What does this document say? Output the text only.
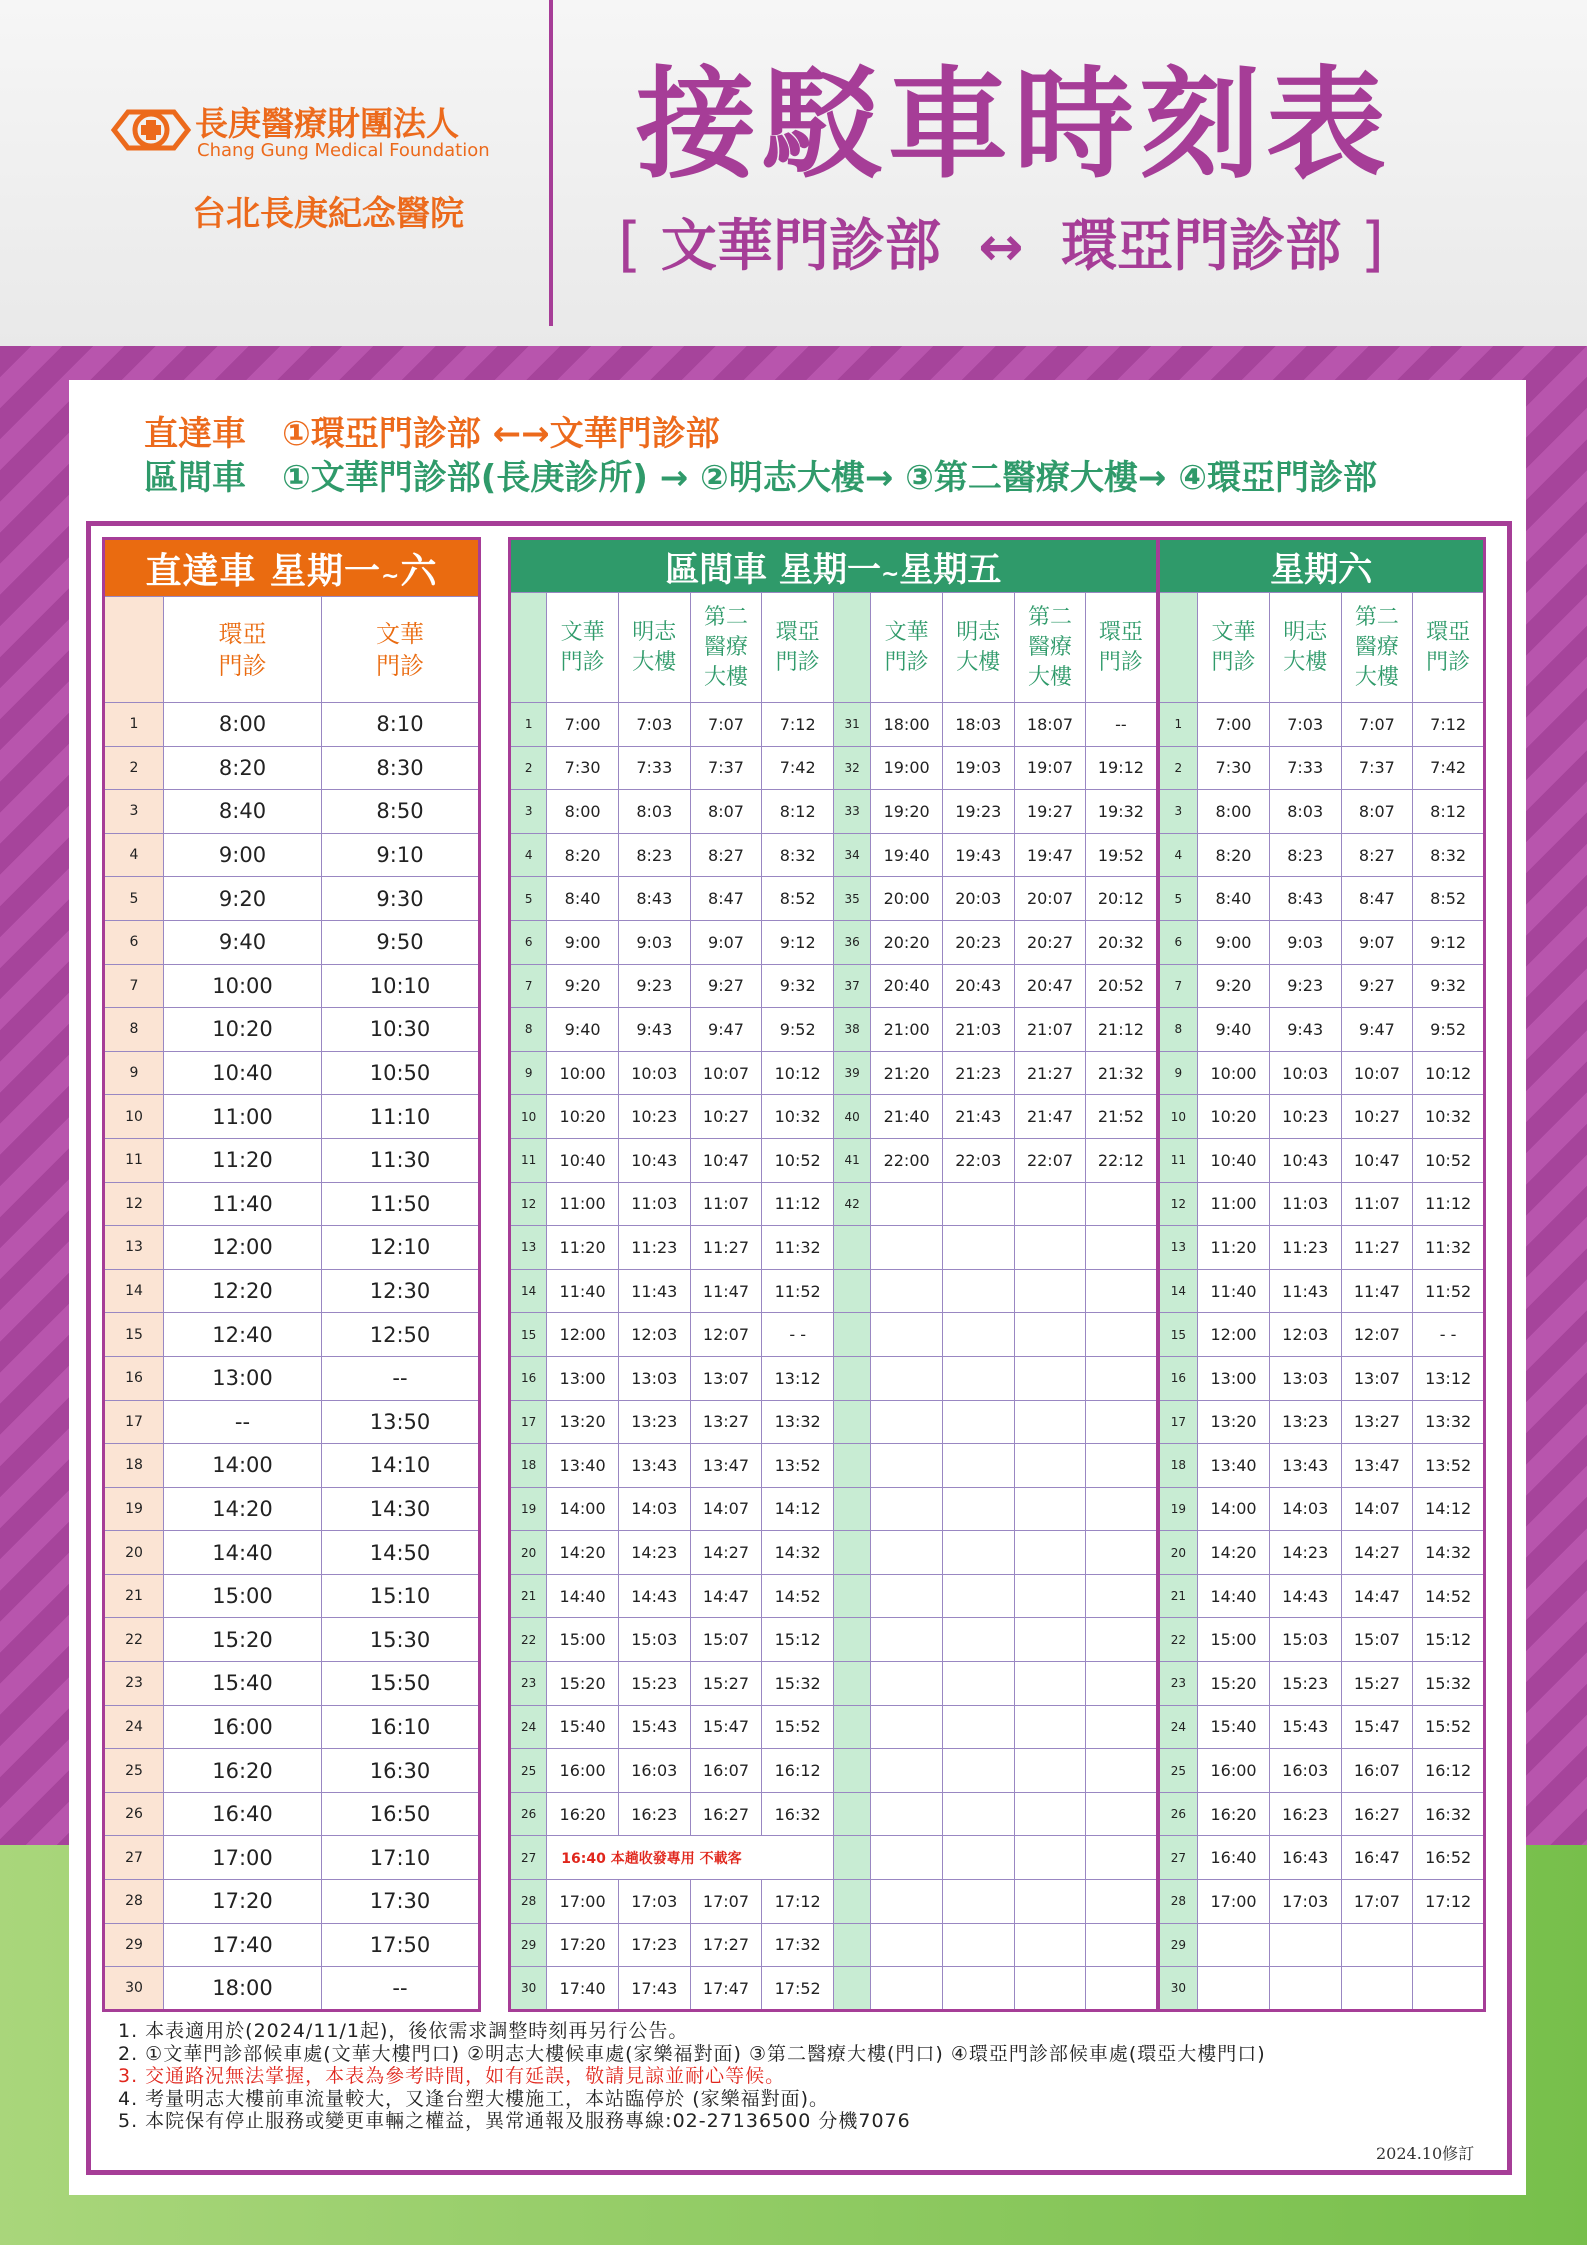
長庚醫療財團法人
Chang Gung Medical Foundation
台北長庚紀念醫院
接駁車時刻表
[ 文華門診部 ↔ 環亞門診部 ]
直達車 ①環亞門診部 ←→文華門診部
區間車 ①文華門診部(長庚診所) → ②明志大樓→ ③第二醫療大樓→ ④環亞門診部
直達車 星期一~六		
	環亞
門診	文華
門診
1	8:00	8:10
2	8:20	8:30
3	8:40	8:50
4	9:00	9:10
5	9:20	9:30
6	9:40	9:50
7	10:00	10:10
8	10:20	10:30
9	10:40	10:50
10	11:00	11:10
11	11:20	11:30
12	11:40	11:50
13	12:00	12:10
14	12:20	12:30
15	12:40	12:50
16	13:00	--
17	--	13:50
18	14:00	14:10
19	14:20	14:30
20	14:40	14:50
21	15:00	15:10
22	15:20	15:30
23	15:40	15:50
24	16:00	16:10
25	16:20	16:30
26	16:40	16:50
27	17:00	17:10
28	17:20	17:30
29	17:40	17:50
30	18:00	--
區間車 星期一~星期五										星期六				
	文華
門診	明志
大樓	第二
醫療
大樓	環亞
門診		文華
門診	明志
大樓	第二
醫療
大樓	環亞
門診		文華
門診	明志
大樓	第二
醫療
大樓	環亞
門診
1	7:00	7:03	7:07	7:12	31	18:00	18:03	18:07	--	1	7:00	7:03	7:07	7:12
2	7:30	7:33	7:37	7:42	32	19:00	19:03	19:07	19:12	2	7:30	7:33	7:37	7:42
3	8:00	8:03	8:07	8:12	33	19:20	19:23	19:27	19:32	3	8:00	8:03	8:07	8:12
4	8:20	8:23	8:27	8:32	34	19:40	19:43	19:47	19:52	4	8:20	8:23	8:27	8:32
5	8:40	8:43	8:47	8:52	35	20:00	20:03	20:07	20:12	5	8:40	8:43	8:47	8:52
6	9:00	9:03	9:07	9:12	36	20:20	20:23	20:27	20:32	6	9:00	9:03	9:07	9:12
7	9:20	9:23	9:27	9:32	37	20:40	20:43	20:47	20:52	7	9:20	9:23	9:27	9:32
8	9:40	9:43	9:47	9:52	38	21:00	21:03	21:07	21:12	8	9:40	9:43	9:47	9:52
9	10:00	10:03	10:07	10:12	39	21:20	21:23	21:27	21:32	9	10:00	10:03	10:07	10:12
10	10:20	10:23	10:27	10:32	40	21:40	21:43	21:47	21:52	10	10:20	10:23	10:27	10:32
11	10:40	10:43	10:47	10:52	41	22:00	22:03	22:07	22:12	11	10:40	10:43	10:47	10:52
12	11:00	11:03	11:07	11:12	42					12	11:00	11:03	11:07	11:12
13	11:20	11:23	11:27	11:32						13	11:20	11:23	11:27	11:32
14	11:40	11:43	11:47	11:52						14	11:40	11:43	11:47	11:52
15	12:00	12:03	12:07	- -						15	12:00	12:03	12:07	- -
16	13:00	13:03	13:07	13:12						16	13:00	13:03	13:07	13:12
17	13:20	13:23	13:27	13:32						17	13:20	13:23	13:27	13:32
18	13:40	13:43	13:47	13:52						18	13:40	13:43	13:47	13:52
19	14:00	14:03	14:07	14:12						19	14:00	14:03	14:07	14:12
20	14:20	14:23	14:27	14:32						20	14:20	14:23	14:27	14:32
21	14:40	14:43	14:47	14:52						21	14:40	14:43	14:47	14:52
22	15:00	15:03	15:07	15:12						22	15:00	15:03	15:07	15:12
23	15:20	15:23	15:27	15:32						23	15:20	15:23	15:27	15:32
24	15:40	15:43	15:47	15:52						24	15:40	15:43	15:47	15:52
25	16:00	16:03	16:07	16:12						25	16:00	16:03	16:07	16:12
26	16:20	16:23	16:27	16:32						26	16:20	16:23	16:27	16:32
27	16:40 本趟收發專用 不載客									27	16:40	16:43	16:47	16:52
28	17:00	17:03	17:07	17:12						28	17:00	17:03	17:07	17:12
29	17:20	17:23	17:27	17:32						29				
30	17:40	17:43	17:47	17:52						30				
1. 本表適用於(2024/11/1起)，後依需求調整時刻再另行公告。
2. ①文華門診部候車處(文華大樓門口) ②明志大樓候車處(家樂福對面) ③第二醫療大樓(門口) ④環亞門診部候車處(環亞大樓門口)
3. 交通路況無法掌握，本表為參考時間，如有延誤，敬請見諒並耐心等候。
4. 考量明志大樓前車流量較大，又逢台塑大樓施工，本站臨停於 (家樂福對面)。
5. 本院保有停止服務或變更車輛之權益，異常通報及服務專線:02-27136500 分機7076
2024.10修訂
